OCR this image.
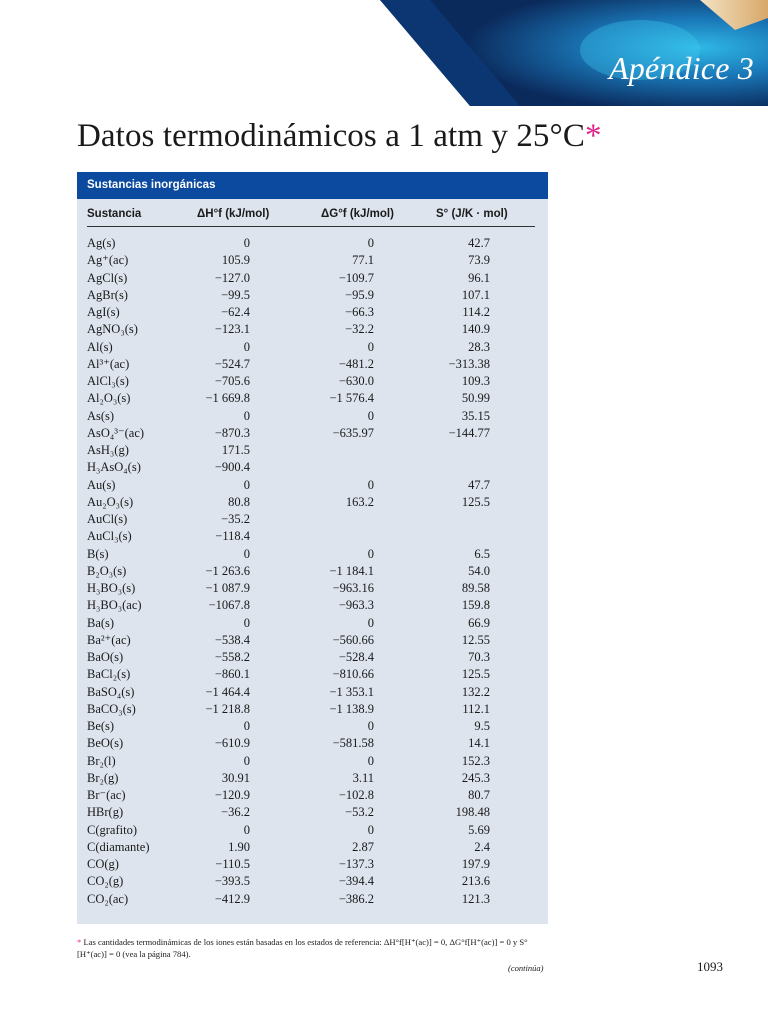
Apéndice 3
Datos termodinámicos a 1 atm y 25°C*
Sustancias inorgánicas
Sustancia	ΔH°f (kJ/mol)	ΔG°f (kJ/mol)	S° (J/K · mol)
Ag(s)	0	0	42.7
Ag⁺(ac)	105.9	77.1	73.9
AgCl(s)	−127.0	−109.7	96.1
AgBr(s)	−99.5	−95.9	107.1
AgI(s)	−62.4	−66.3	114.2
AgNO₃(s)	−123.1	−32.2	140.9
Al(s)	0	0	28.3
Al³⁺(ac)	−524.7	−481.2	−313.38
AlCl₃(s)	−705.6	−630.0	109.3
Al₂O₃(s)	−1 669.8	−1 576.4	50.99
As(s)	0	0	35.15
AsO₄³⁻(ac)	−870.3	−635.97	−144.77
AsH₃(g)	171.5
H₃AsO₄(s)	−900.4
Au(s)	0	0	47.7
Au₂O₃(s)	80.8	163.2	125.5
AuCl(s)	−35.2
AuCl₃(s)	−118.4
B(s)	0	0	6.5
B₂O₃(s)	−1 263.6	−1 184.1	54.0
H₃BO₃(s)	−1 087.9	−963.16	89.58
H₃BO₃(ac)	−1067.8	−963.3	159.8
Ba(s)	0	0	66.9
Ba²⁺(ac)	−538.4	−560.66	12.55
BaO(s)	−558.2	−528.4	70.3
BaCl₂(s)	−860.1	−810.66	125.5
BaSO₄(s)	−1 464.4	−1 353.1	132.2
BaCO₃(s)	−1 218.8	−1 138.9	112.1
Be(s)	0	0	9.5
BeO(s)	−610.9	−581.58	14.1
Br₂(l)	0	0	152.3
Br₂(g)	30.91	3.11	245.3
Br⁻(ac)	−120.9	−102.8	80.7
HBr(g)	−36.2	−53.2	198.48
C(grafito)	0	0	5.69
C(diamante)	1.90	2.87	2.4
CO(g)	−110.5	−137.3	197.9
CO₂(g)	−393.5	−394.4	213.6
CO₂(ac)	−412.9	−386.2	121.3
* Las cantidades termodinámicas de los iones están basadas en los estados de referencia: ΔH°f[H⁺(ac)] = 0, ΔG°f[H⁺(ac)] = 0 y S°[H⁺(ac)] = 0 (vea la página 784).
(continúa)	1093
